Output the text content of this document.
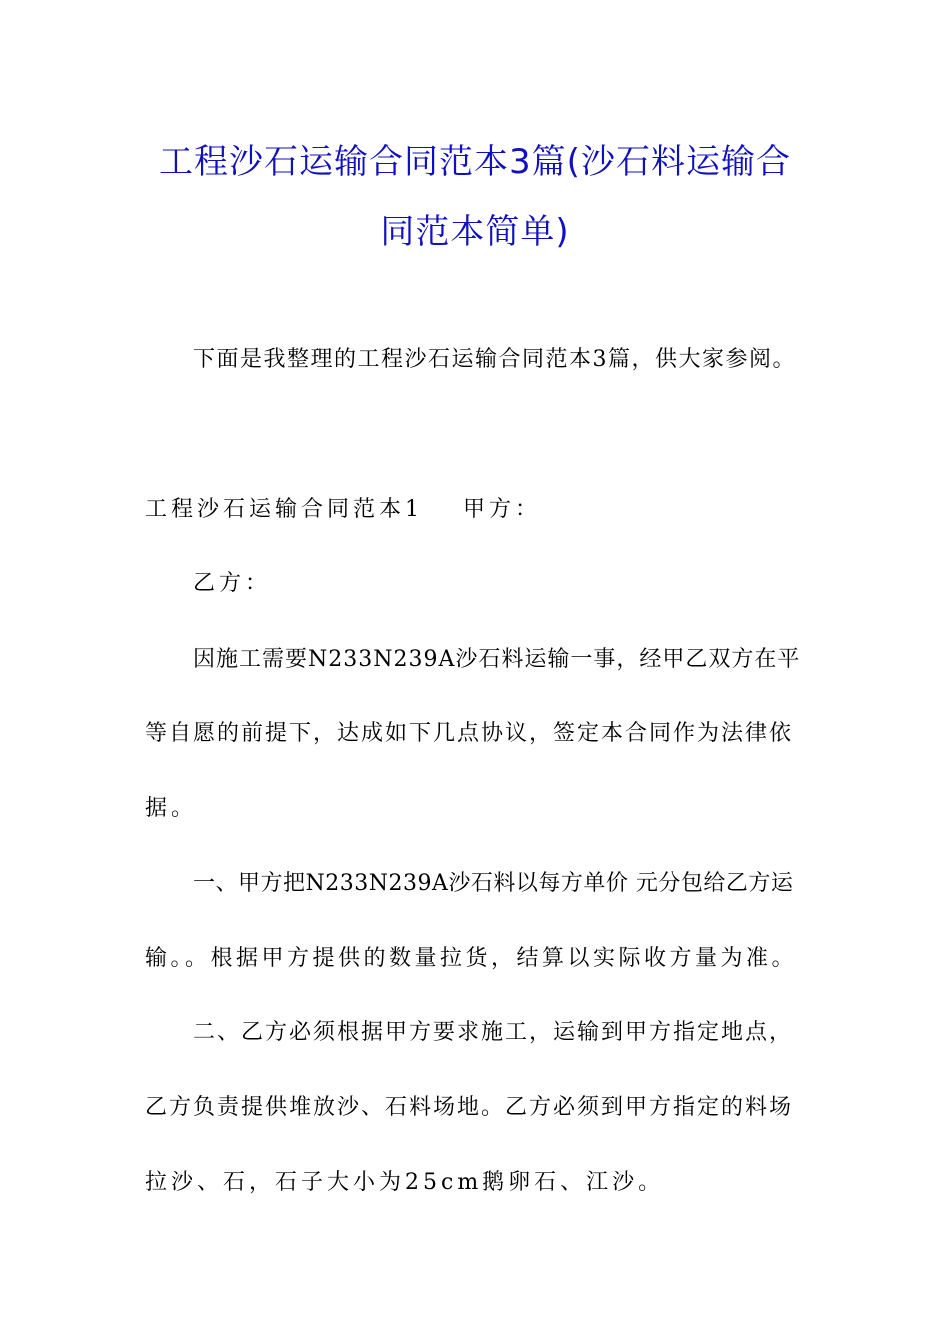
工程沙石运输合同范本3篇(沙石料运输合
同范本简单)
下面是我整理的工程沙石运输合同范本3篇，供大家参阅。
工程沙石运输合同范本1 甲方：
乙方：
因施工需要N233N239A沙石料运输一事，经甲乙双方在平
等自愿的前提下，达成如下几点协议，签定本合同作为法律依
据。
一、甲方把N233N239A沙石料以每方单价 元分包给乙方运
输。。根据甲方提供的数量拉货，结算以实际收方量为准。
二、乙方必须根据甲方要求施工，运输到甲方指定地点，
乙方负责提供堆放沙、石料场地。乙方必须到甲方指定的料场
拉沙、石，石子大小为25cm鹅卵石、江沙。
